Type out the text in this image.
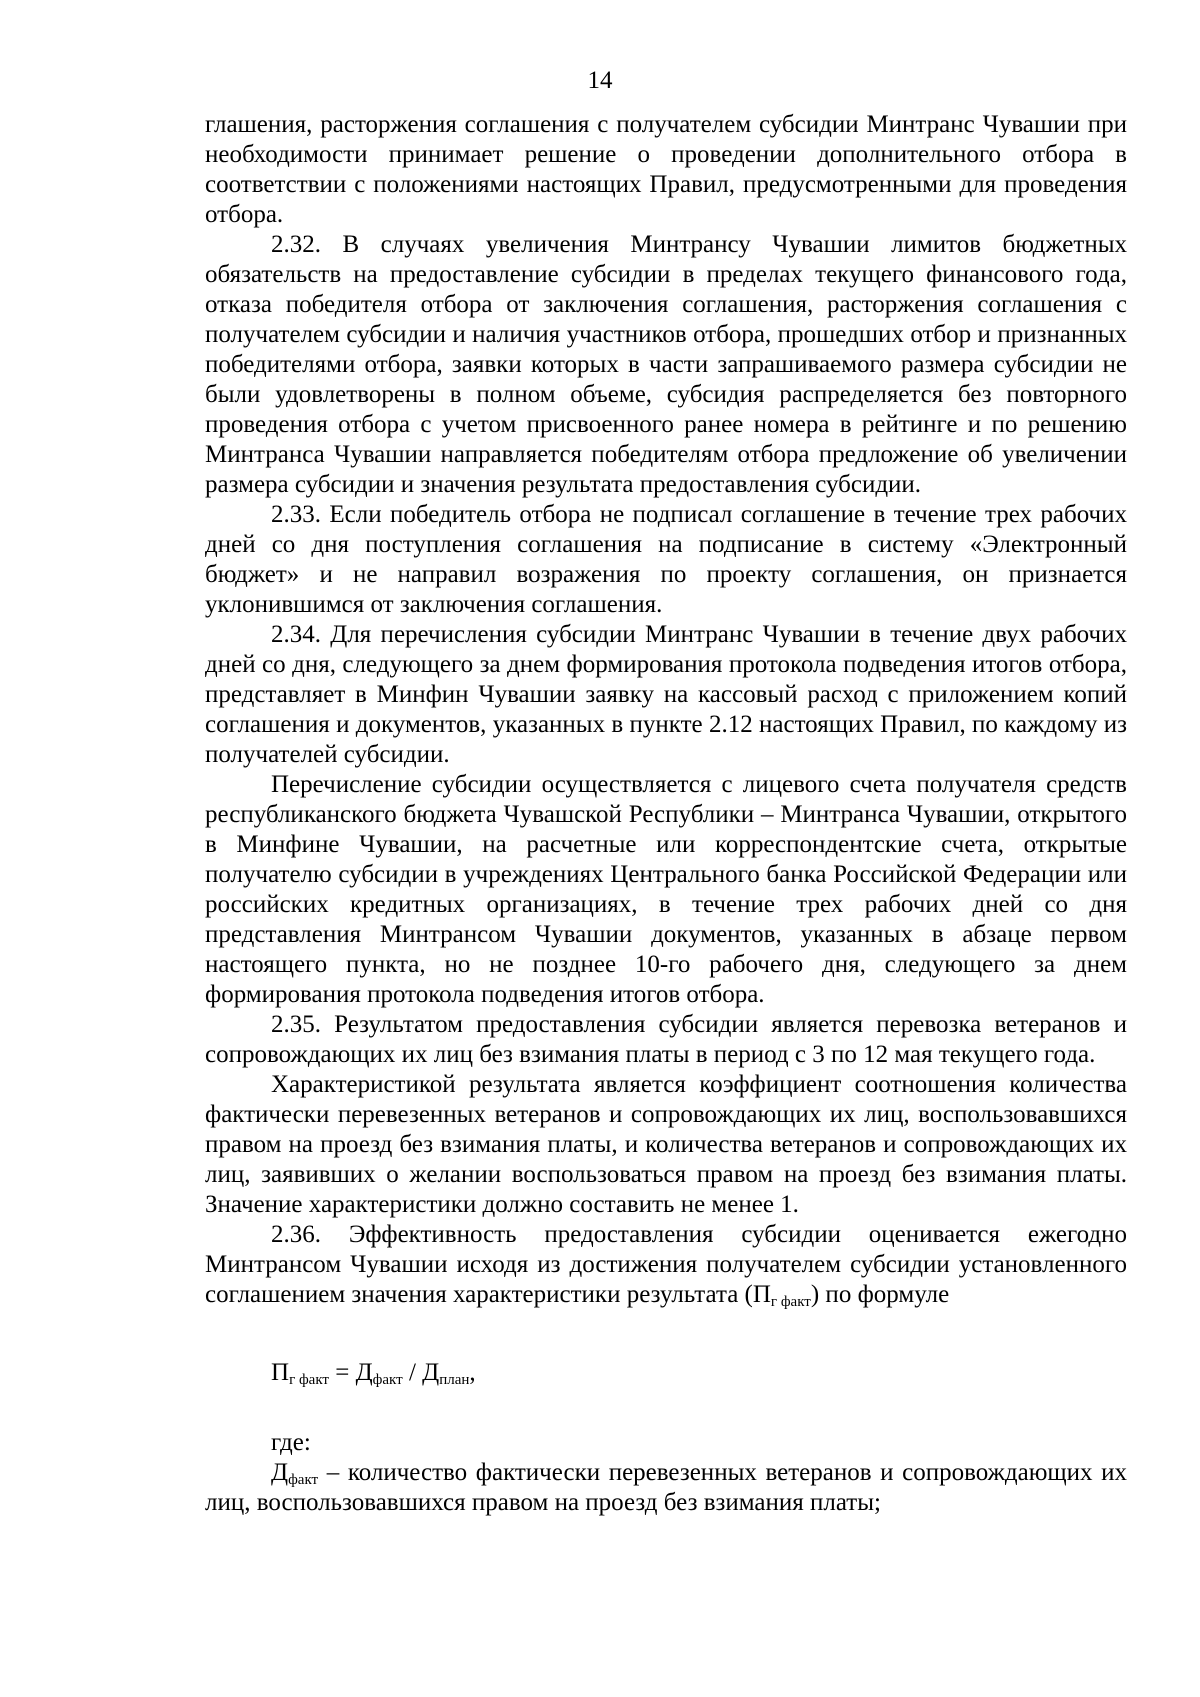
14

глашения, расторжения соглашения с получателем субсидии Минтранс Чувашии при необходимости принимает решение о проведении дополнительного отбора в соответствии с положениями настоящих Правил, предусмотренными для проведения отбора.

2.32. В случаях увеличения Минтрансу Чувашии лимитов бюджетных обязательств на предоставление субсидии в пределах текущего финансового года, отказа победителя отбора от заключения соглашения, расторжения соглашения с получателем субсидии и наличия участников отбора, прошедших отбор и признанных победителями отбора, заявки которых в части запрашиваемого размера субсидии не были удовлетворены в полном объеме, субсидия распределяется без повторного проведения отбора с учетом присвоенного ранее номера в рейтинге и по решению Минтранса Чувашии направляется победителям отбора предложение об увеличении размера субсидии и значения результата предоставления субсидии.

2.33. Если победитель отбора не подписал соглашение в течение трех рабочих дней со дня поступления соглашения на подписание в систему «Электронный бюджет» и не направил возражения по проекту соглашения, он признается уклонившимся от заключения соглашения.

2.34. Для перечисления субсидии Минтранс Чувашии в течение двух рабочих дней со дня, следующего за днем формирования протокола подведения итогов отбора, представляет в Минфин Чувашии заявку на кассовый расход с приложением копий соглашения и документов, указанных в пункте 2.12 настоящих Правил, по каждому из получателей субсидии.

Перечисление субсидии осуществляется с лицевого счета получателя средств республиканского бюджета Чувашской Республики – Минтранса Чувашии, открытого в Минфине Чувашии, на расчетные или корреспондентские счета, открытые получателю субсидии в учреждениях Центрального банка Российской Федерации или российских кредитных организациях, в течение трех рабочих дней со дня представления Минтрансом Чувашии документов, указанных в абзаце первом настоящего пункта, но не позднее 10-го рабочего дня, следующего за днем формирования протокола подведения итогов отбора.

2.35. Результатом предоставления субсидии является перевозка ветеранов и сопровождающих их лиц без взимания платы в период с 3 по 12 мая текущего года.

Характеристикой результата является коэффициент соотношения количества фактически перевезенных ветеранов и сопровождающих их лиц, воспользовавшихся правом на проезд без взимания платы, и количества ветеранов и сопровождающих их лиц, заявивших о желании воспользоваться правом на проезд без взимания платы. Значение характеристики должно составить не менее 1.

2.36. Эффективность предоставления субсидии оценивается ежегодно Минтрансом Чувашии исходя из достижения получателем субсидии установленного соглашением значения характеристики результата $(П_{г факт})$ по формуле

$П_{г факт} = Д_{факт} / Д_{план}$,

где:

$Д_{факт}$ – количество фактически перевезенных ветеранов и сопровождающих их лиц, воспользовавшихся правом на проезд без взимания платы;
